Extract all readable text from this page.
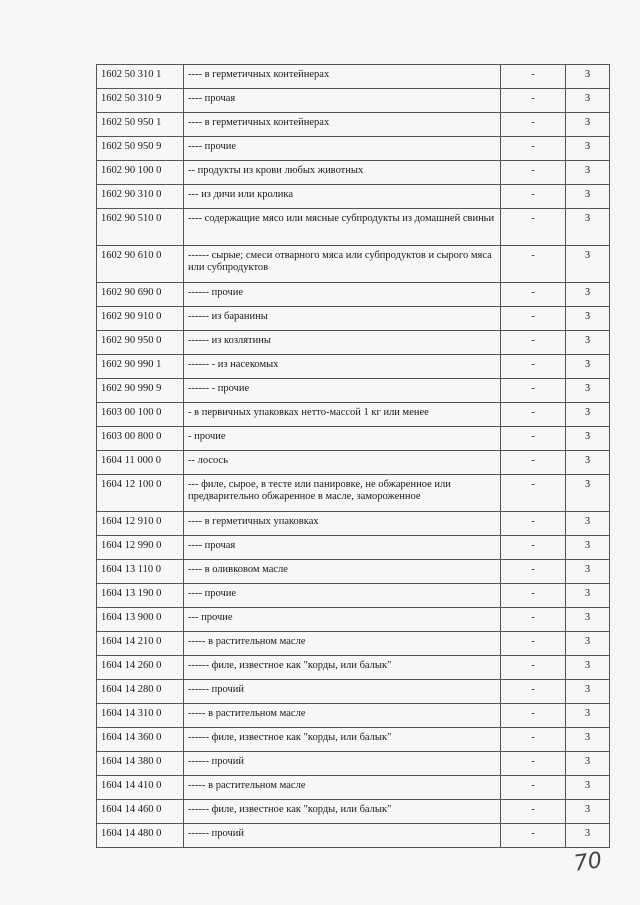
1602 50 310 1	---- в герметичных контейнерах	-	3
1602 50 310 9	---- прочая	-	3
1602 50 950 1	---- в герметичных контейнерах	-	3
1602 50 950 9	---- прочие	-	3
1602 90 100 0	-- продукты из крови любых животных	-	3
1602 90 310 0	--- из дичи или кролика	-	3
1602 90 510 0	---- содержащие мясо или мясные субпродукты из домашней свиньи	-	3
1602 90 610 0	------ сырые; смеси отварного мяса или субпродуктов и сырого мяса или субпродуктов	-	3
1602 90 690 0	------ прочие	-	3
1602 90 910 0	------ из баранины	-	3
1602 90 950 0	------ из козлятины	-	3
1602 90 990 1	------ - из насекомых	-	3
1602 90 990 9	------ - прочие	-	3
1603 00 100 0	- в первичных упаковках нетто-массой 1 кг или менее	-	3
1603 00 800 0	- прочие	-	3
1604 11 000 0	-- лосось	-	3
1604 12 100 0	--- филе, сырое, в тесте или панировке, не обжаренное или предварительно обжаренное в масле, замороженное	-	3
1604 12 910 0	---- в герметичных упаковках	-	3
1604 12 990 0	---- прочая	-	3
1604 13 110 0	---- в оливковом масле	-	3
1604 13 190 0	---- прочие	-	3
1604 13 900 0	--- прочие	-	3
1604 14 210 0	----- в растительном масле	-	3
1604 14 260 0	------ филе, известное как "корды, или балык"	-	3
1604 14 280 0	------ прочий	-	3
1604 14 310 0	----- в растительном масле	-	3
1604 14 360 0	------ филе, известное как "корды, или балык"	-	3
1604 14 380 0	------ прочий	-	3
1604 14 410 0	----- в растительном масле	-	3
1604 14 460 0	------ филе, известное как "корды, или балык"	-	3
1604 14 480 0	------ прочий	-	3
70
